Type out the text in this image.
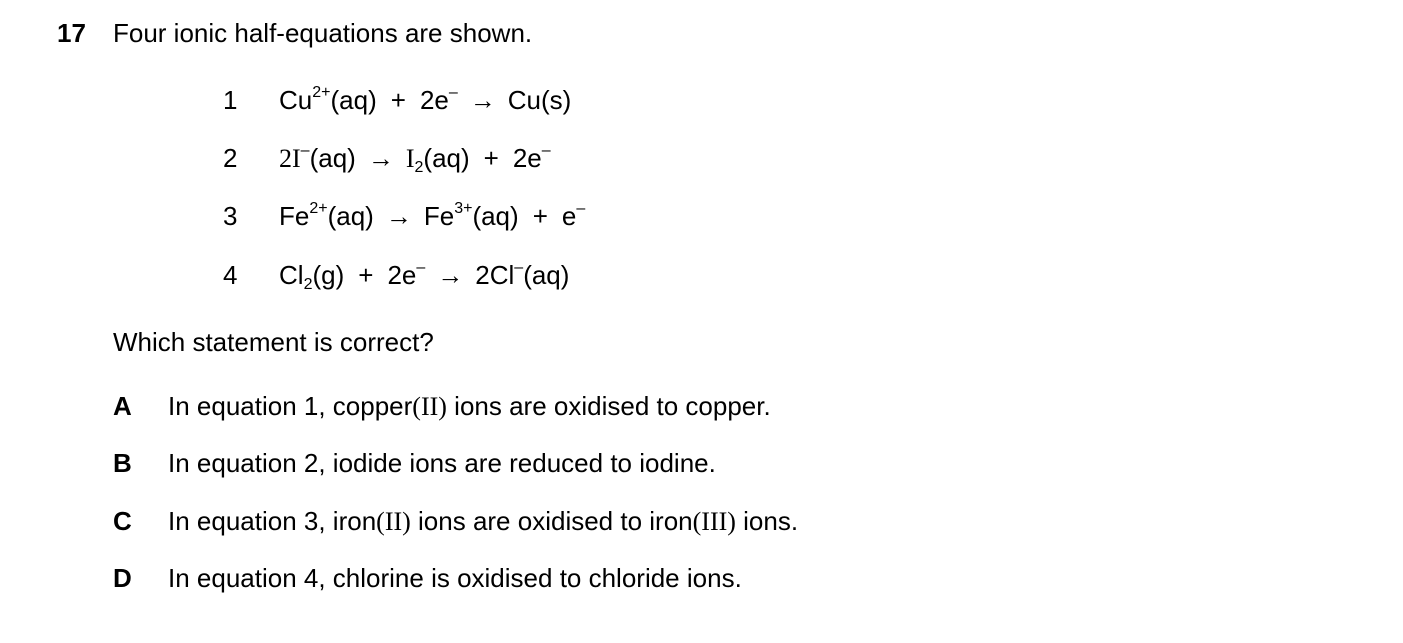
17 Four ionic half-equations are shown.
1 $Cu^{2+}(aq) + 2e^- \to Cu(s)$
2 $2I^-(aq) \to I_2(aq) + 2e^-$
3 $Fe^{2+}(aq) \to Fe^{3+}(aq) + e^-$
4 $Cl_2(g) + 2e^- \to 2Cl^-(aq)$
Which statement is correct?
A In equation 1, copper(II) ions are oxidised to copper.
B In equation 2, iodide ions are reduced to iodine.
C In equation 3, iron(II) ions are oxidised to iron(III) ions.
D In equation 4, chlorine is oxidised to chloride ions.
